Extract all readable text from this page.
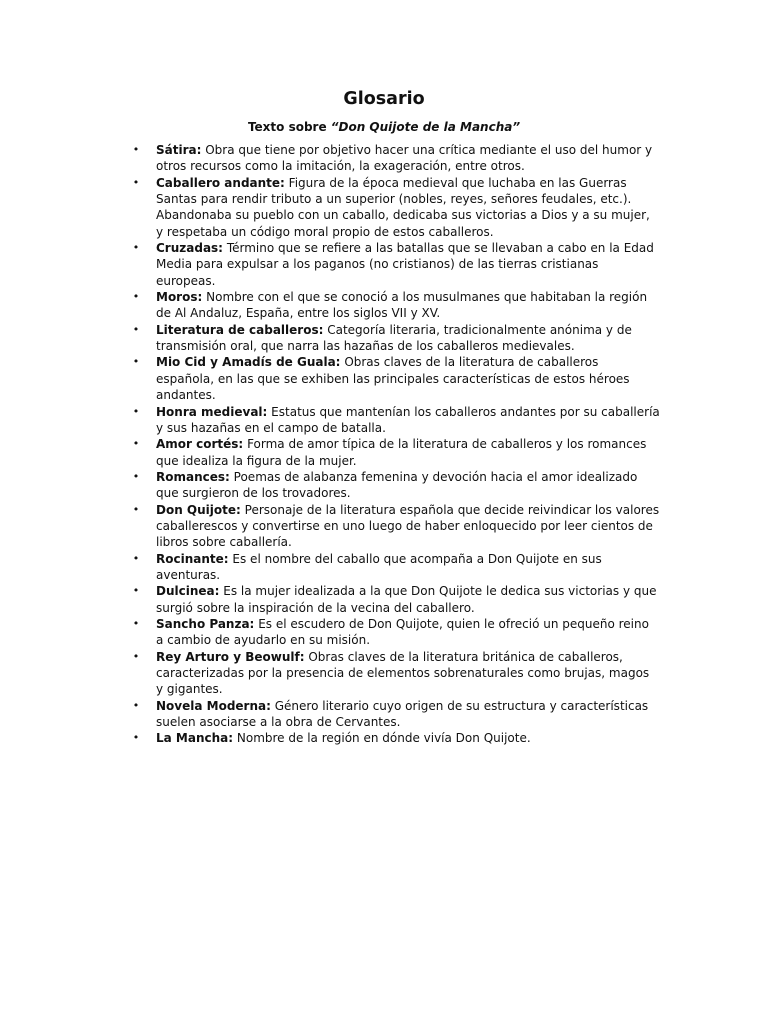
Glosario
Texto sobre “Don Quijote de la Mancha”
• Sátira: Obra que tiene por objetivo hacer una crítica mediante el uso del humor y otros recursos como la imitación, la exageración, entre otros.
• Caballero andante: Figura de la época medieval que luchaba en las Guerras Santas para rendir tributo a un superior (nobles, reyes, señores feudales, etc.). Abandonaba su pueblo con un caballo, dedicaba sus victorias a Dios y a su mujer, y respetaba un código moral propio de estos caballeros.
• Cruzadas: Término que se refiere a las batallas que se llevaban a cabo en la Edad Media para expulsar a los paganos (no cristianos) de las tierras cristianas europeas.
• Moros: Nombre con el que se conoció a los musulmanes que habitaban la región de Al Andaluz, España, entre los siglos VII y XV.
• Literatura de caballeros: Categoría literaria, tradicionalmente anónima y de transmisión oral, que narra las hazañas de los caballeros medievales.
• Mio Cid y Amadís de Guala: Obras claves de la literatura de caballeros española, en las que se exhiben las principales características de estos héroes andantes.
• Honra medieval: Estatus que mantenían los caballeros andantes por su caballería y sus hazañas en el campo de batalla.
• Amor cortés: Forma de amor típica de la literatura de caballeros y los romances que idealiza la figura de la mujer.
• Romances: Poemas de alabanza femenina y devoción hacia el amor idealizado que surgieron de los trovadores.
• Don Quijote: Personaje de la literatura española que decide reivindicar los valores caballerescos y convertirse en uno luego de haber enloquecido por leer cientos de libros sobre caballería.
• Rocinante: Es el nombre del caballo que acompaña a Don Quijote en sus aventuras.
• Dulcinea: Es la mujer idealizada a la que Don Quijote le dedica sus victorias y que surgió sobre la inspiración de la vecina del caballero.
• Sancho Panza: Es el escudero de Don Quijote, quien le ofreció un pequeño reino a cambio de ayudarlo en su misión.
• Rey Arturo y Beowulf: Obras claves de la literatura británica de caballeros, caracterizadas por la presencia de elementos sobrenaturales como brujas, magos y gigantes.
• Novela Moderna: Género literario cuyo origen de su estructura y características suelen asociarse a la obra de Cervantes.
• La Mancha: Nombre de la región en dónde vivía Don Quijote.
